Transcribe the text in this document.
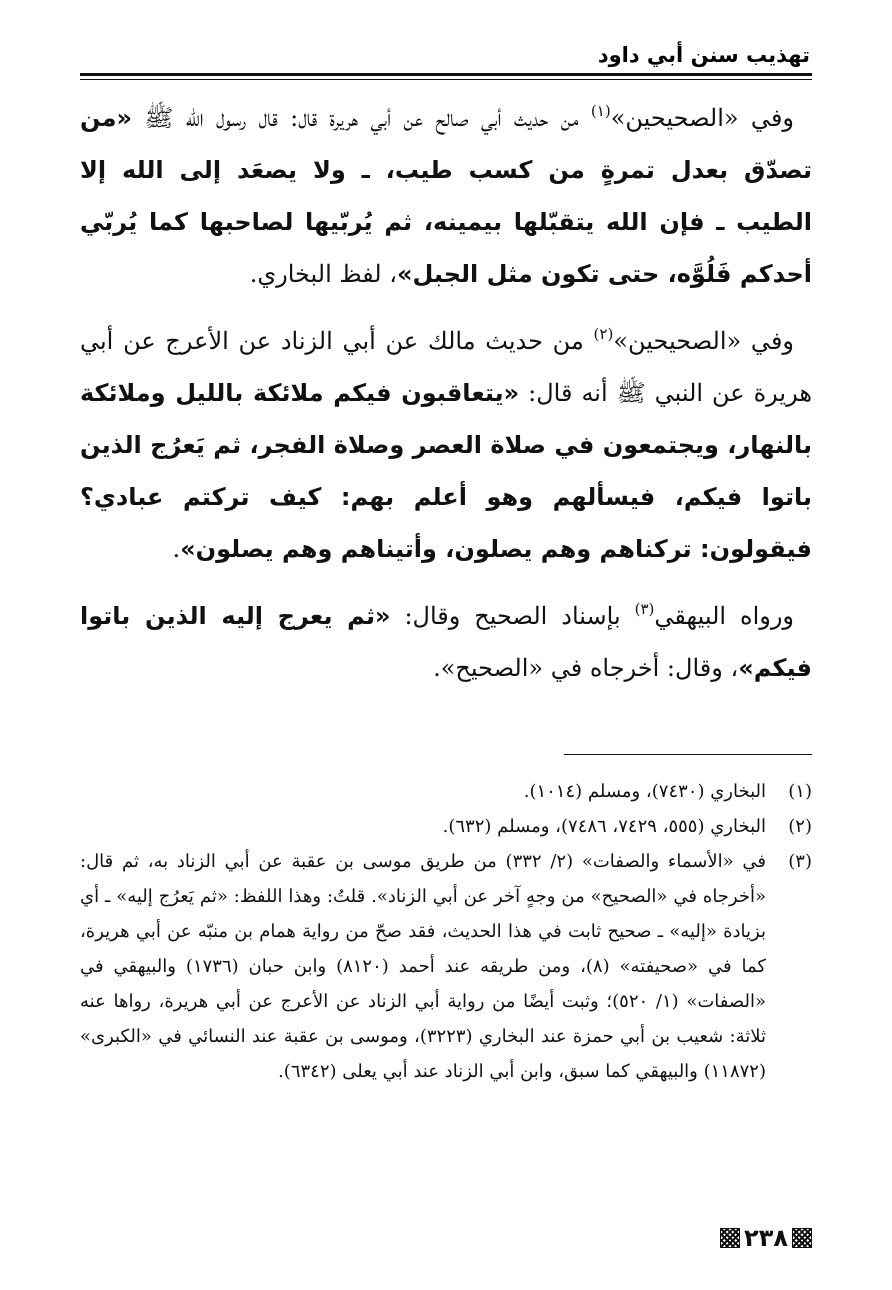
تهذيب سنن أبي داود

وفي «الصحيحين»$^{(١)}$ من حديث أبي صالح عن أبي هريرة قال: قال رسول الله ﷺ «من تصدّق بعدل تمرةٍ من كسب طيب، ـ ولا يصعَد إلى الله إلا الطيب ـ فإن الله يتقبّلها بيمينه، ثم يُربّيها لصاحبها كما يُربّي أحدكم فَلُوَّه، حتى تكون مثل الجبل»، لفظ البخاري.

وفي «الصحيحين»$^{(٢)}$ من حديث مالك عن أبي الزناد عن الأعرج عن أبي هريرة عن النبي ﷺ أنه قال: «يتعاقبون فيكم ملائكة بالليل وملائكة بالنهار، ويجتمعون في صلاة العصر وصلاة الفجر، ثم يَعرُج الذين باتوا فيكم، فيسألهم وهو أعلم بهم: كيف تركتم عبادي؟ فيقولون: تركناهم وهم يصلون، وأتيناهم وهم يصلون».

ورواه البيهقي$^{(٣)}$ بإسناد الصحيح وقال: «ثم يعرج إليه الذين باتوا فيكم»، وقال: أخرجاه في «الصحيح».

(١)
البخاري (٧٤٣٠)، ومسلم (١٠١٤).
(٢)
البخاري (٥٥٥، ٧٤٢٩، ٧٤٨٦)، ومسلم (٦٣٢).
(٣)
في «الأسماء والصفات» (٢/ ٣٣٢) من طريق موسى بن عقبة عن أبي الزناد به، ثم قال: «أخرجاه في «الصحيح» من وجهٍ آخر عن أبي الزناد». قلتُ: وهذا اللفظ: «ثم يَعرُج إليه» ـ أي بزيادة «إليه» ـ صحيح ثابت في هذا الحديث، فقد صحّ من رواية همام بن منبّه عن أبي هريرة، كما في «صحيفته» (٨)، ومن طريقه عند أحمد (٨١٢٠) وابن حبان (١٧٣٦) والبيهقي في «الصفات» (١/ ٥٢٠)؛ وثبت أيضًا من رواية أبي الزناد عن الأعرج عن أبي هريرة، رواها عنه ثلاثة: شعيب بن أبي حمزة عند البخاري (٣٢٢٣)، وموسى بن عقبة عند النسائي في «الكبرى» (١١٨٧٢) والبيهقي كما سبق، وابن أبي الزناد عند أبي يعلى (٦٣٤٢).
٢٣٨
